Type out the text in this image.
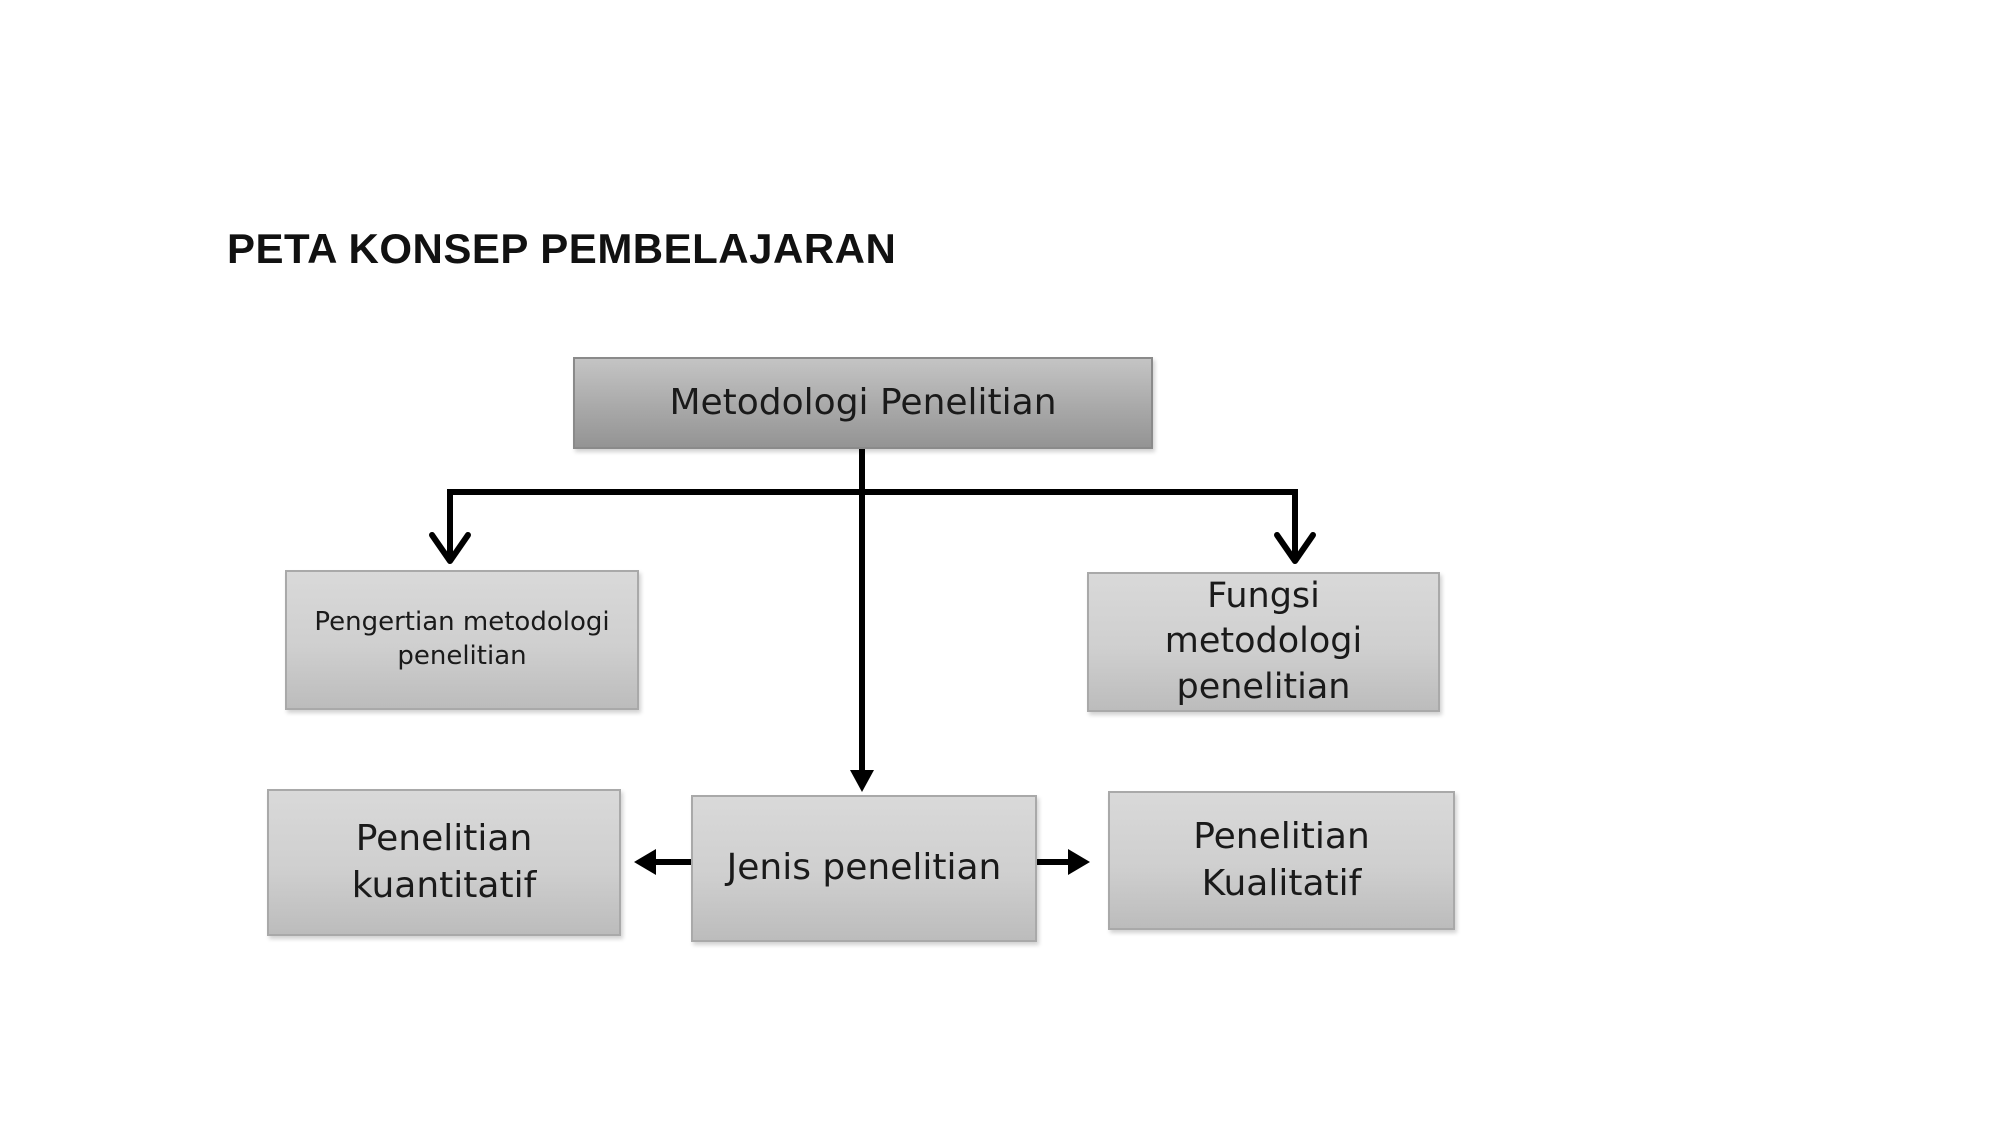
PETA KONSEP PEMBELAJARAN
Metodologi Penelitian
Pengertian metodologi penelitian
Fungsi metodologi penelitian
Jenis penelitian
Penelitian kuantitatif
Penelitian Kualitatif
